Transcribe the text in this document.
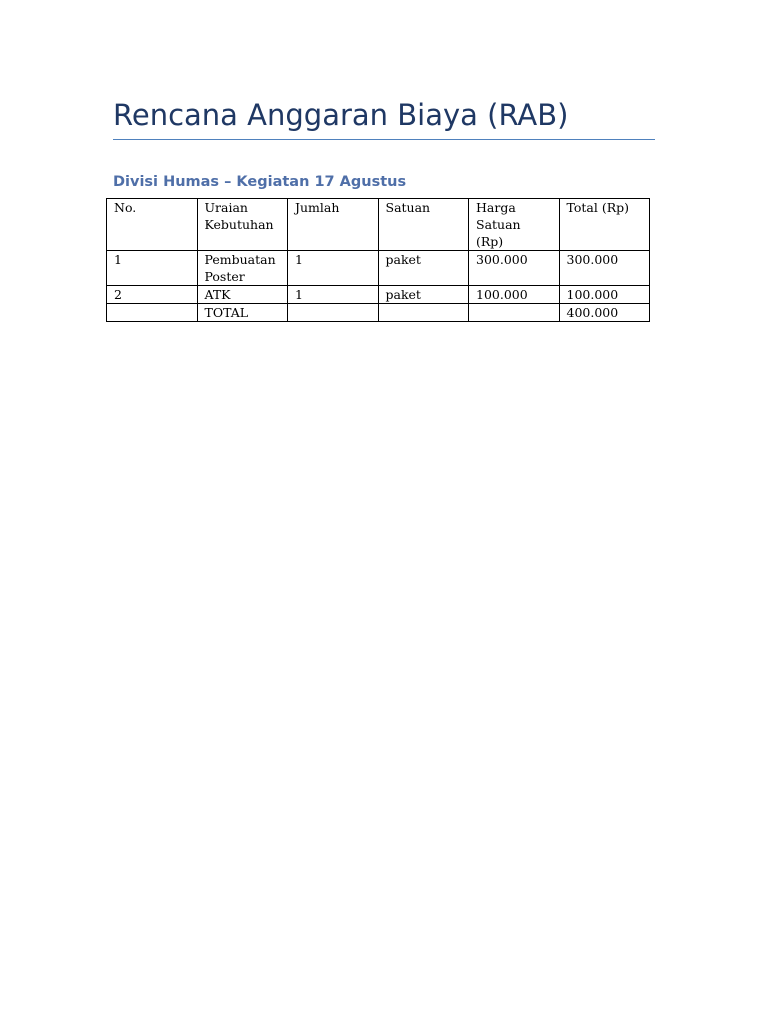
Rencana Anggaran Biaya (RAB)
Divisi Humas – Kegiatan 17 Agustus
No.	Uraian Kebutuhan	Jumlah	Satuan	Harga Satuan (Rp)	Total (Rp)
1	Pembuatan Poster	1	paket	300.000	300.000
2	ATK	1	paket	100.000	100.000
	TOTAL				400.000
